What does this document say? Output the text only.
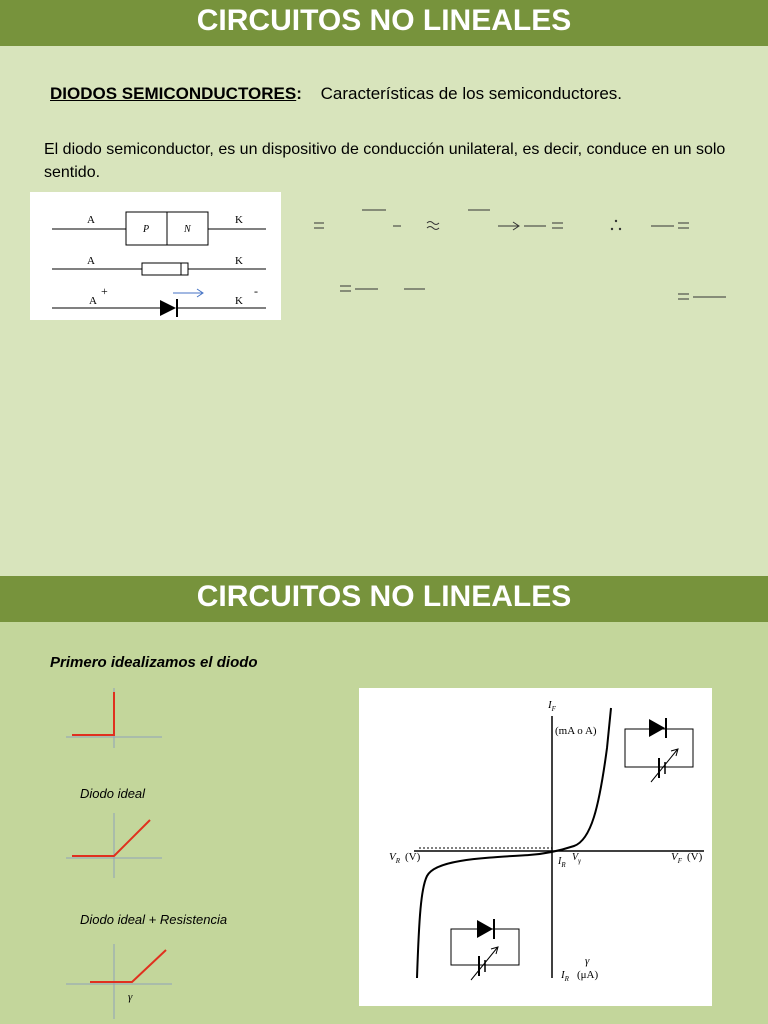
CIRCUITOS NO LINEALES
DIODOS SEMICONDUCTORES: Características de los semiconductores.
El diodo semiconductor, es un dispositivo de conducción unilateral, es decir, conduce en un solo sentido.
A	K
P	N
A	K
A
+
K
-
CIRCUITOS NO LINEALES
Primero idealizamos el diodo
Diodo ideal
Diodo ideal + Resistencia
γ
$I_F$
(mA o A)
$V_R$ (V)	$V_F$ (V)
$V_\gamma$
$I_R$
γ
$I_R$ (μA)
